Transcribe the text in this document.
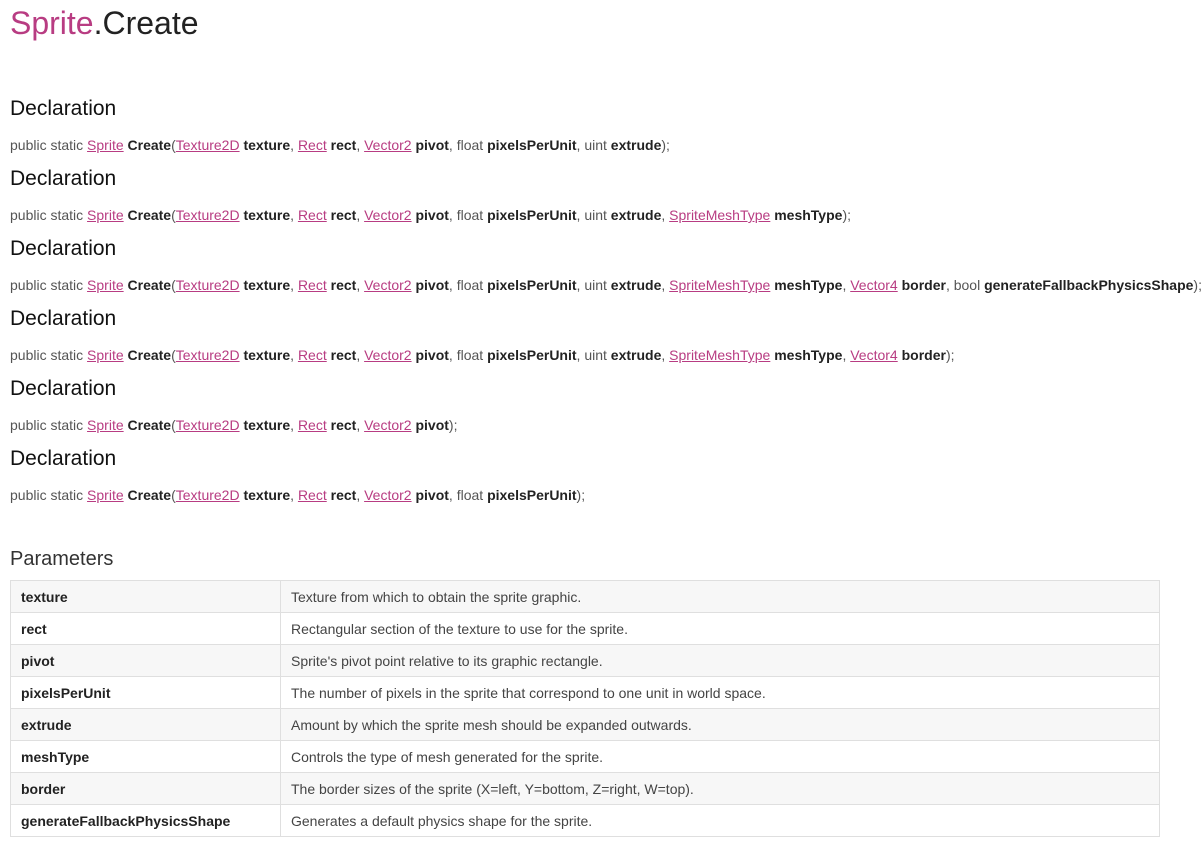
Sprite.Create
Declaration
public static Sprite Create(Texture2D texture, Rect rect, Vector2 pivot, float pixelsPerUnit, uint extrude);
Declaration
public static Sprite Create(Texture2D texture, Rect rect, Vector2 pivot, float pixelsPerUnit, uint extrude, SpriteMeshType meshType);
Declaration
public static Sprite Create(Texture2D texture, Rect rect, Vector2 pivot, float pixelsPerUnit, uint extrude, SpriteMeshType meshType, Vector4 border, bool generateFallbackPhysicsShape);
Declaration
public static Sprite Create(Texture2D texture, Rect rect, Vector2 pivot, float pixelsPerUnit, uint extrude, SpriteMeshType meshType, Vector4 border);
Declaration
public static Sprite Create(Texture2D texture, Rect rect, Vector2 pivot);
Declaration
public static Sprite Create(Texture2D texture, Rect rect, Vector2 pivot, float pixelsPerUnit);
Parameters
texture	Texture from which to obtain the sprite graphic.
rect	Rectangular section of the texture to use for the sprite.
pivot	Sprite's pivot point relative to its graphic rectangle.
pixelsPerUnit	The number of pixels in the sprite that correspond to one unit in world space.
extrude	Amount by which the sprite mesh should be expanded outwards.
meshType	Controls the type of mesh generated for the sprite.
border	The border sizes of the sprite (X=left, Y=bottom, Z=right, W=top).
generateFallbackPhysicsShape	Generates a default physics shape for the sprite.
